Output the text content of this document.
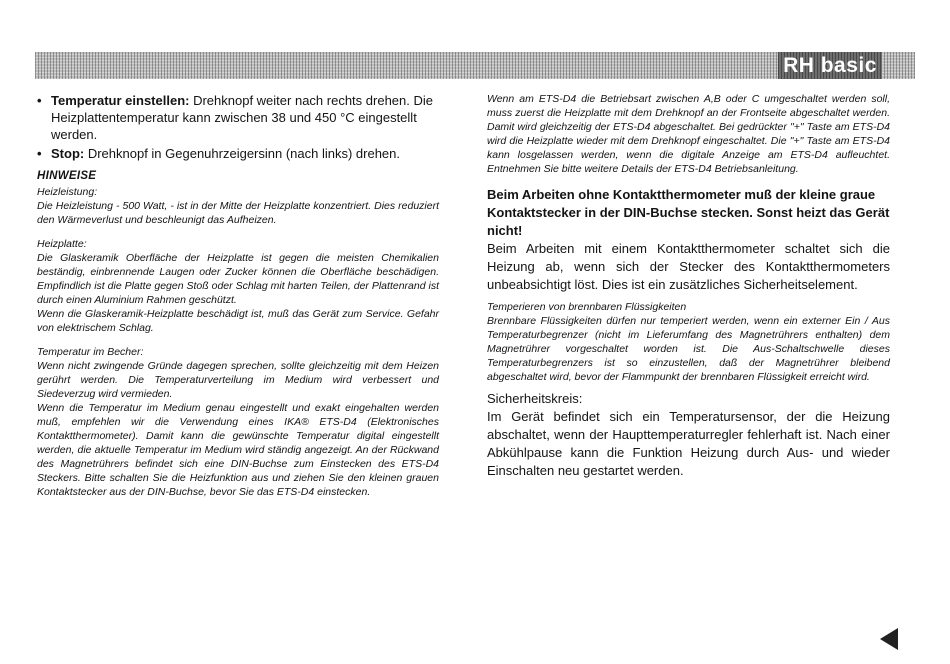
RH basic
• Temperatur einstellen: Drehknopf weiter nach rechts drehen. Die Heizplattentemperatur kann zwischen 38 und 450 °C eingestellt werden.
• Stop: Drehknopf in Gegenuhrzeigersinn (nach links) drehen.

HINWEISE

Heizleistung:

Die Heizleistung - 500 Watt, - ist in der Mitte der Heizplatte konzentriert. Dies reduziert den Wärmeverlust und beschleunigt das Aufheizen.

Heizplatte:

Die Glaskeramik Oberfläche der Heizplatte ist gegen die meisten Chemikalien beständig, einbrennende Laugen oder Zucker können die Oberfläche beschädigen. Empfindlich ist die Platte gegen Stoß oder Schlag mit harten Teilen, der Plattenrand ist durch einen Aluminium Rahmen geschützt.

Wenn die Glaskeramik-Heizplatte beschädigt ist, muß das Gerät zum Service. Gefahr von elektrischem Schlag.

Temperatur im Becher:

Wenn nicht zwingende Gründe dagegen sprechen, sollte gleichzeitig mit dem Heizen gerührt werden. Die Temperaturverteilung im Medium wird verbessert und Siedeverzug wird vermieden.

Wenn die Temperatur im Medium genau eingestellt und exakt eingehalten werden muß, empfehlen wir die Verwendung eines IKA® ETS-D4 (Elektronisches Kontaktthermometer). Damit kann die gewünschte Temperatur digital eingestellt werden, die aktuelle Temperatur im Medium wird ständig angezeigt. An der Rückwand des Magnetrührers befindet sich eine DIN-Buchse zum Einstecken des ETS-D4 Steckers. Bitte schalten Sie die Heizfunktion aus und ziehen Sie den kleinen grauen Kontaktstecker aus der DIN-Buchse, bevor Sie das ETS-D4 einstecken.

Wenn am ETS-D4 die Betriebsart zwischen A,B oder C umgeschaltet werden soll, muss zuerst die Heizplatte mit dem Drehknopf an der Frontseite abgeschaltet werden. Damit wird gleichzeitig der ETS-D4 abgeschaltet. Bei gedrückter "+" Taste am ETS-D4 wird die Heizplatte wieder mit dem Drehknopf eingeschaltet. Die "+" Taste am ETS-D4 kann losgelassen werden, wenn die digitale Anzeige am ETS-D4 aufleuchtet. Entnehmen Sie bitte weitere Details der ETS-D4 Betriebsanleitung.

Beim Arbeiten ohne Kontaktthermometer muß der kleine graue Kontaktstecker in der DIN-Buchse stecken. Sonst heizt das Gerät nicht!

Beim Arbeiten mit einem Kontaktthermometer schaltet sich die Heizung ab, wenn sich der Stecker des Kontaktthermometers unbeabsichtigt löst. Dies ist ein zusätzliches Sicherheitselement.

Temperieren von brennbaren Flüssigkeiten

Brennbare Flüssigkeiten dürfen nur temperiert werden, wenn ein externer Ein / Aus Temperaturbegrenzer (nicht im Lieferumfang des Magnetrührers enthalten) dem Magnetrührer vorgeschaltet worden ist. Die Aus-Schaltschwelle dieses Temperaturbegrenzers ist so einzustellen, daß der Magnetrührer bleibend abgeschaltet wird, bevor der Flammpunkt der brennbaren Flüssigkeit erreicht wird.

Sicherheitskreis:

Im Gerät befindet sich ein Temperatursensor, der die Heizung abschaltet, wenn der Haupttemperaturregler fehlerhaft ist. Nach einer Abkühlpause kann die Funktion Heizung durch Aus- und wieder Einschalten neu gestartet werden.

9
